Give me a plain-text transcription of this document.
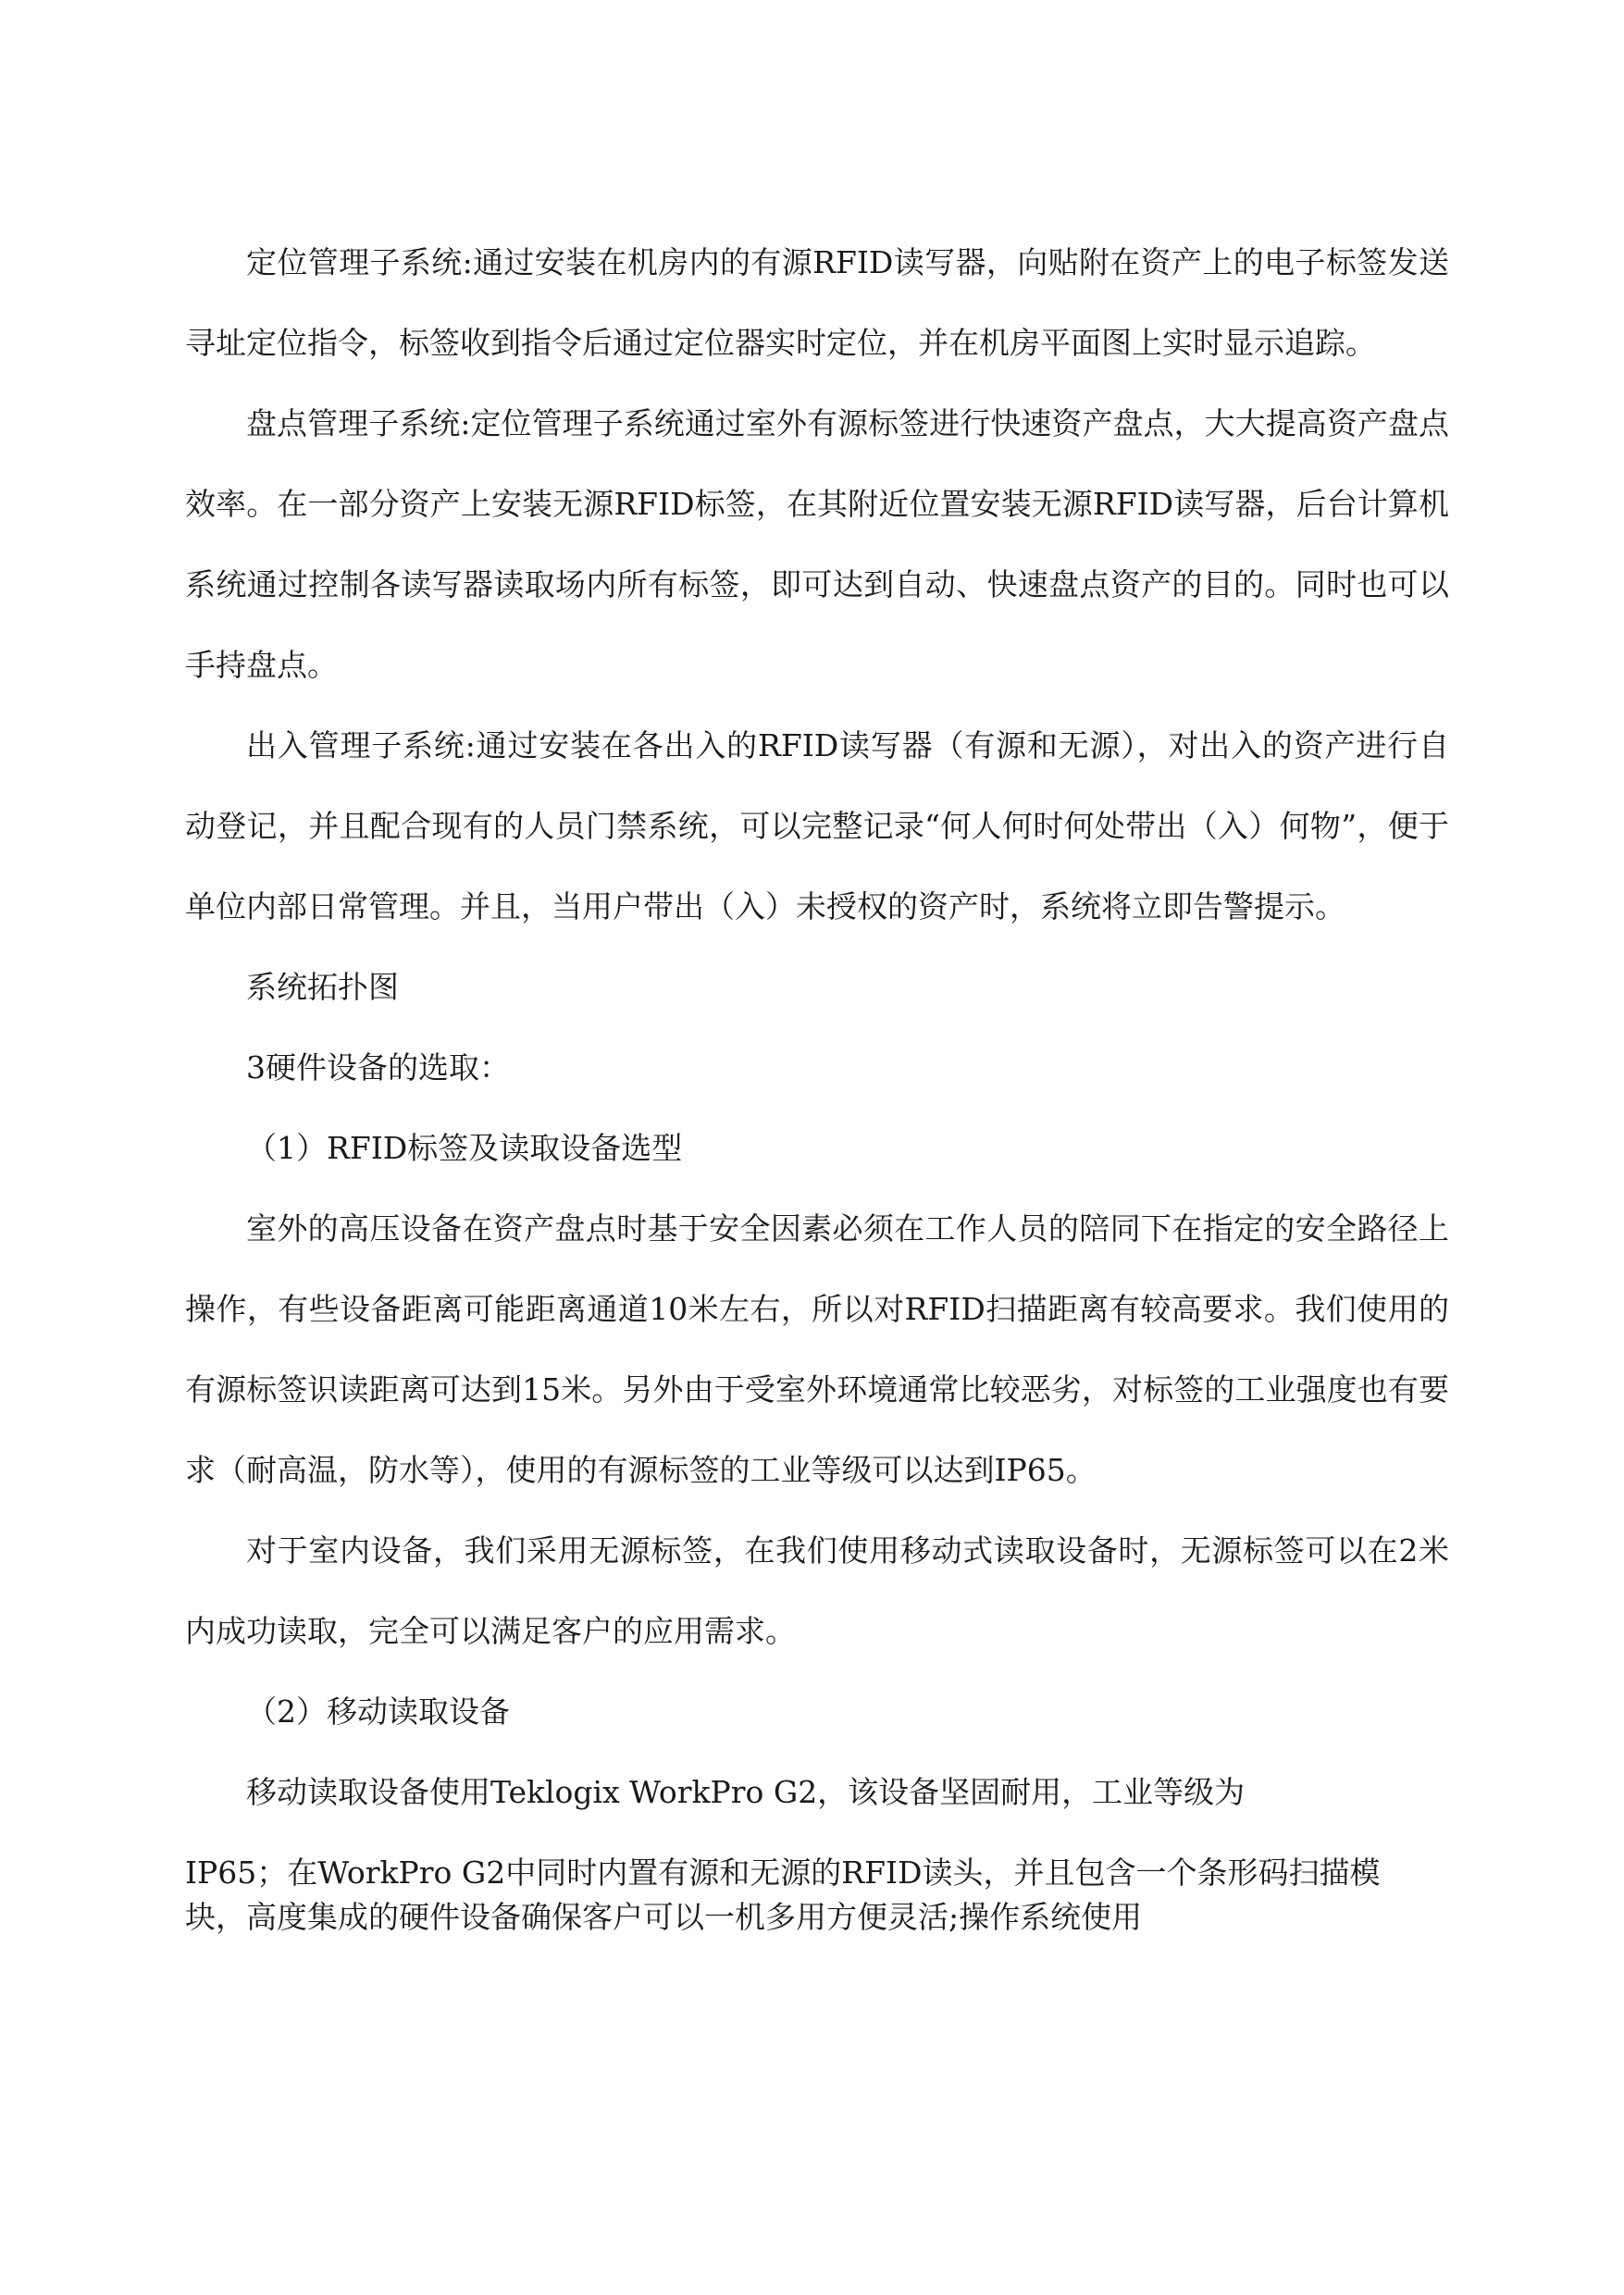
定位管理子系统:通过安装在机房内的有源RFID读写器，向贴附在资产上的电子标签发送寻址定位指令，标签收到指令后通过定位器实时定位，并在机房平面图上实时显示追踪。

盘点管理子系统:定位管理子系统通过室外有源标签进行快速资产盘点，大大提高资产盘点效率。在一部分资产上安装无源RFID标签，在其附近位置安装无源RFID读写器，后台计算机系统通过控制各读写器读取场内所有标签，即可达到自动、快速盘点资产的目的。同时也可以手持盘点。

出入管理子系统:通过安装在各出入的RFID读写器（有源和无源），对出入的资产进行自动登记，并且配合现有的人员门禁系统，可以完整记录“何人何时何处带出（入）何物”，便于单位内部日常管理。并且，当用户带出（入）未授权的资产时，系统将立即告警提示。

系统拓扑图

3硬件设备的选取：

（1）RFID标签及读取设备选型

室外的高压设备在资产盘点时基于安全因素必须在工作人员的陪同下在指定的安全路径上操作，有些设备距离可能距离通道10米左右，所以对RFID扫描距离有较高要求。我们使用的有源标签识读距离可达到15米。另外由于受室外环境通常比较恶劣，对标签的工业强度也有要求（耐高温，防水等），使用的有源标签的工业等级可以达到IP65。

对于室内设备，我们采用无源标签，在我们使用移动式读取设备时，无源标签可以在2米内成功读取，完全可以满足客户的应用需求。

（2）移动读取设备

移动读取设备使用Teklogix WorkPro G2，该设备坚固耐用，工业等级为
IP65；在WorkPro G2中同时内置有源和无源的RFID读头，并且包含一个条形码扫描模
块，高度集成的硬件设备确保客户可以一机多用方便灵活;操作系统使用
